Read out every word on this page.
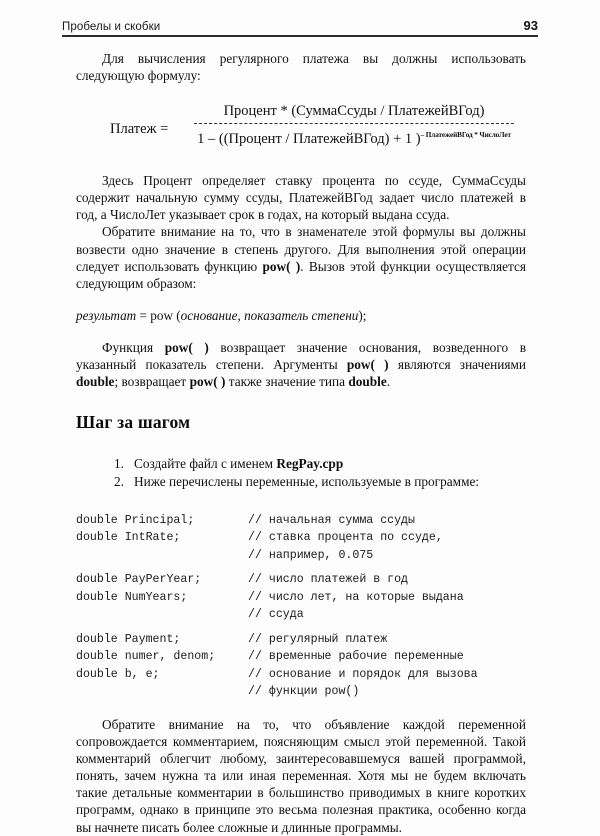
Пробелы и скобки	93

Для вычисления регулярного платежа вы должны использовать следующую формулу:

Платеж =
Процент * (СуммаСсуды / ПлатежейВГод)
1 – ((Процент / ПлатежейВГод) + 1 )$^{- ПлатежейВГод * ЧислоЛет}$

Здесь Процент определяет ставку процента по ссуде, СуммаСсуды содержит начальную сумму ссуды, ПлатежейВГод задает число платежей в год, а ЧислоЛет указывает срок в годах, на который выдана ссуда.

Обратите внимание на то, что в знаменателе этой формулы вы должны возвести одно значение в степень другого. Для выполнения этой операции следует использовать функцию pow( ). Вызов этой функции осуществляется следующим образом:

результат = pow (основание, показатель степени);

Функция pow( ) возвращает значение основания, возведенного в указанный показатель степени. Аргументы pow( ) являются значениями double; возвращает pow( ) также значение типа double.

Шаг за шагом
1. Создайте файл с именем RegPay.cpp
2. Ниже перечислены переменные, используемые в программе:
double Principal;	// начальная сумма ссуды
double IntRate;	// ставка процента по ссуде,
// например, 0.075
double PayPerYear;	// число платежей в год
double NumYears;	// число лет, на которые выдана
// ссуда
double Payment;	// регулярный платеж
double numer, denom;	// временные рабочие переменные
double b, e;	// основание и порядок для вызова
// функции pow()

Обратите внимание на то, что объявление каждой переменной сопровождается комментарием, поясняющим смысл этой переменной. Такой комментарий облегчит любому, заинтересовавшемуся вашей программой, понять, зачем нужна та или иная переменная. Хотя мы не будем включать такие детальные комментарии в большинство приводимых в книге коротких программ, однако в принципе это весьма полезная практика, особенно когда вы начнете писать более сложные и длинные программы.
